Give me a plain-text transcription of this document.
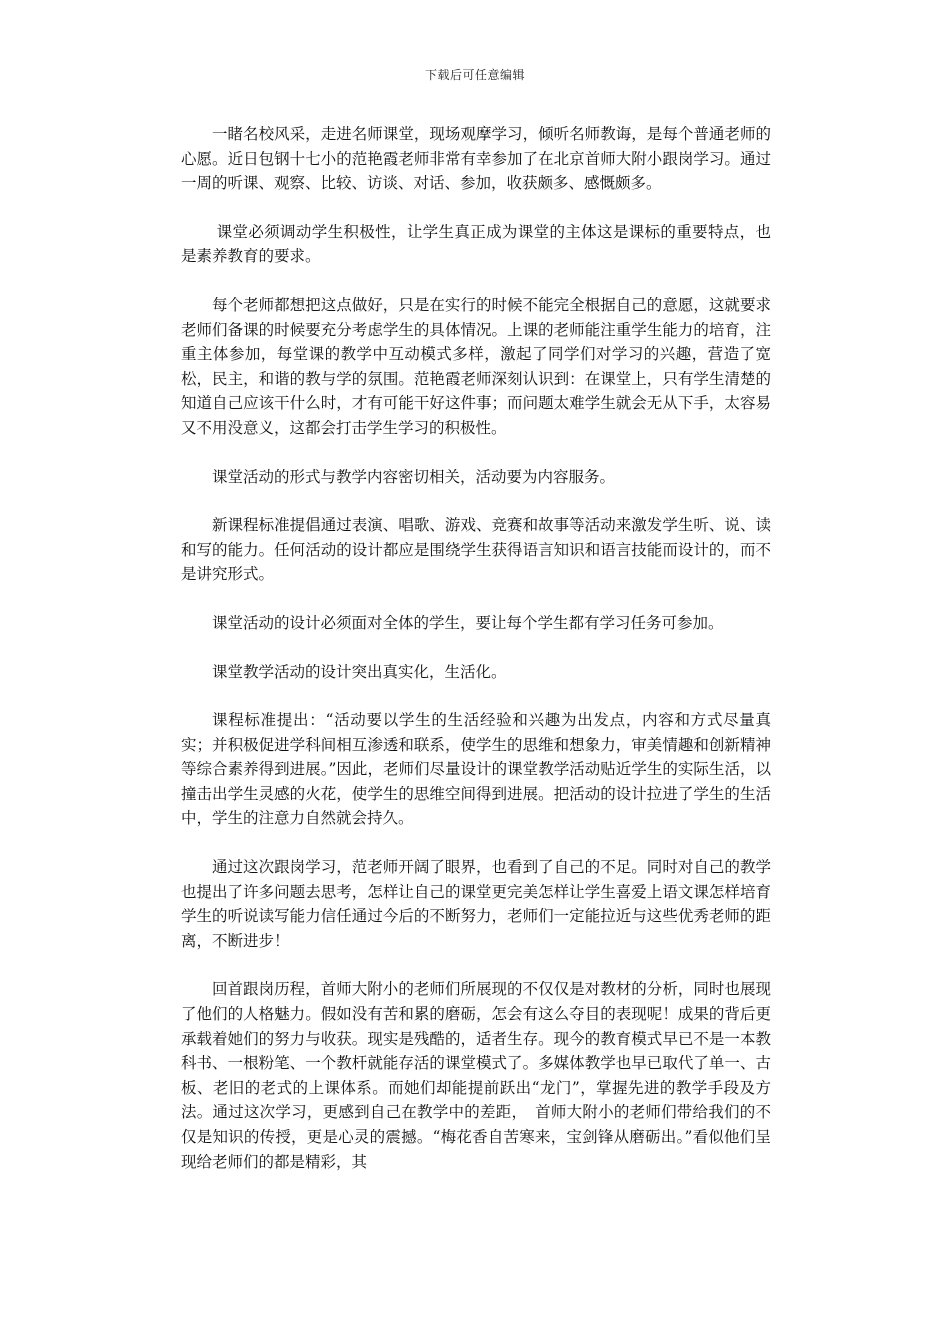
下载后可任意编辑

一睹名校风采，走进名师课堂，现场观摩学习，倾听名师教诲，是每个普通老师的心愿。近日包钢十七小的范艳霞老师非常有幸参加了在北京首师大附小跟岗学习。通过一周的听课、观察、比较、访谈、对话、参加，收获颇多、感慨颇多。

课堂必须调动学生积极性，让学生真正成为课堂的主体这是课标的重要特点，也是素养教育的要求。

每个老师都想把这点做好，只是在实行的时候不能完全根据自己的意愿，这就要求老师们备课的时候要充分考虑学生的具体情况。上课的老师能注重学生能力的培育，注重主体参加，每堂课的教学中互动模式多样，激起了同学们对学习的兴趣，营造了宽松，民主，和谐的教与学的氛围。范艳霞老师深刻认识到：在课堂上，只有学生清楚的知道自己应该干什么时，才有可能干好这件事；而问题太难学生就会无从下手，太容易又不用没意义，这都会打击学生学习的积极性。

课堂活动的形式与教学内容密切相关，活动要为内容服务。

新课程标准提倡通过表演、唱歌、游戏、竞赛和故事等活动来激发学生听、说、读和写的能力。任何活动的设计都应是围绕学生获得语言知识和语言技能而设计的，而不是讲究形式。

课堂活动的设计必须面对全体的学生，要让每个学生都有学习任务可参加。

课堂教学活动的设计突出真实化，生活化。

课程标准提出：“活动要以学生的生活经验和兴趣为出发点，内容和方式尽量真实；并积极促进学科间相互渗透和联系，使学生的思维和想象力，审美情趣和创新精神等综合素养得到进展。”因此，老师们尽量设计的课堂教学活动贴近学生的实际生活，以撞击出学生灵感的火花，使学生的思维空间得到进展。把活动的设计拉进了学生的生活中，学生的注意力自然就会持久。

通过这次跟岗学习，范老师开阔了眼界，也看到了自己的不足。同时对自己的教学也提出了许多问题去思考，怎样让自己的课堂更完美怎样让学生喜爱上语文课怎样培育学生的听说读写能力信任通过今后的不断努力，老师们一定能拉近与这些优秀老师的距离，不断进步！

回首跟岗历程，首师大附小的老师们所展现的不仅仅是对教材的分析，同时也展现了他们的人格魅力。假如没有苦和累的磨砺，怎会有这么夺目的表现呢！成果的背后更承载着她们的努力与收获。现实是残酷的，适者生存。现今的教育模式早已不是一本教科书、一根粉笔、一个教杆就能存活的课堂模式了。多媒体教学也早已取代了单一、古板、老旧的老式的上课体系。而她们却能提前跃出“龙门”，掌握先进的教学手段及方法。通过这次学习，更感到自己在教学中的差距，　首师大附小的老师们带给我们的不仅是知识的传授，更是心灵的震撼。“梅花香自苦寒来，宝剑锋从磨砺出。”看似他们呈现给老师们的都是精彩，其
